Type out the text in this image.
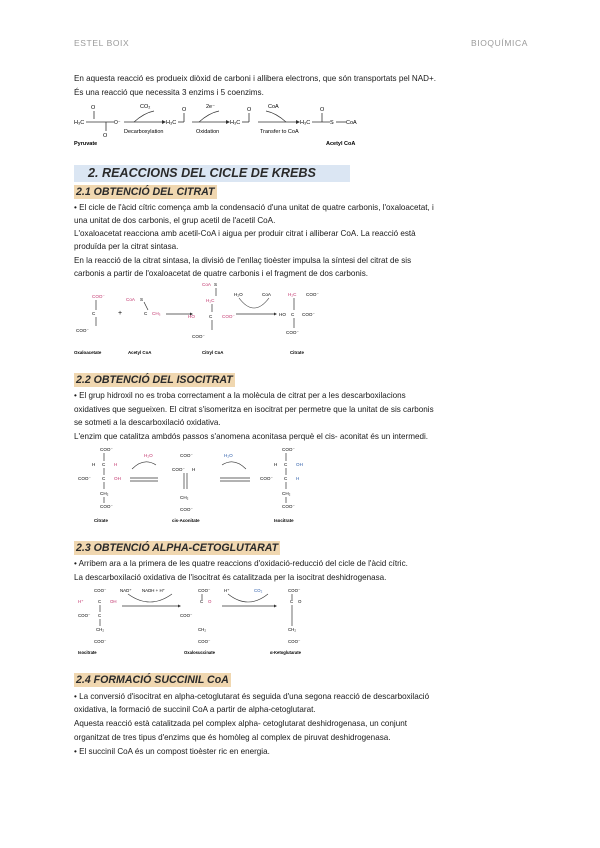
ESTEL BOIX	BIOQUÍMICA
En aquesta reacció es produeix diòxid de carboni i allibera electrons, que són transportats pel NAD+.
És una reacció que necessita 3 enzims i 5 coenzims.
O
H₃C
O
O⁻
Pyruvate
CO₂
Decarboxylation
H₃C
O	2e⁻
Oxidation
H₃C
O	CoA
Transfer to CoA
H₃C
O
S CoA
Acetyl CoA
2. REACCIONS DEL CICLE DE KREBS
2.1 OBTENCIÓ DEL CITRAT
• El cicle de l'àcid cítric comença amb la condensació d'una unitat de quatre carbonis, l'oxaloacetat, i
una unitat de dos carbonis, el grup acetil de l'acetil CoA.
L'oxaloacetat reacciona amb acetil-CoA i aigua per produir citrat i alliberar CoA. La reacció està
produïda per la citrat sintasa.
En la reacció de la citrat sintasa, la divisió de l'enllaç tioèster impulsa la síntesi del citrat de sis
carbonis a partir de l'oxaloacetat de quatre carbonis i el fragment de dos carbonis.
COO⁻
C
COO⁻
Oxaloacetate
+
CoA S
C CH₃
Acetyl CoA
CoA S
H₂C
HO	C COO⁻
COO⁻
Citryl CoA
H₂O	CoA	H₂C COO⁻
HO C COO⁻
COO⁻
Citrate
2.2 OBTENCIÓ DEL ISOCITRAT
• El grup hidroxil no es troba correctament a la molècula de citrat per a les descarboxilacions
oxidatives que segueixen. El citrat s'isomeritza en isocitrat per permetre que la unitat de sis carbonis
se sotmeti a la descarboxilació oxidativa.
L'enzim que catalitza ambdós passos s'anomena aconitasa perquè el cis- aconitat és un intermedi.
COO⁻
H C H
COO⁻ C OH
CH₂
COO⁻
Citrate
H₂O	COO⁻
COO⁻ H
CH₂
COO⁻
cis-Aconitate
H₂O
COO⁻
H C OH
COO⁻ C H
CH₂
COO⁻
Isocitrate
2.3 OBTENCIÓ ALPHA-CETOGLUTARAT
• Arribem ara a la primera de les quatre reaccions d'oxidació-reducció del cicle de l'àcid cítric.
La descarboxilació oxidativa de l'isocitrat és catalitzada per la isocitrat deshidrogenasa.
COO⁻
H⁺	C OH
COO⁻ C
CH₂
COO⁻
Isocitrate
NAD⁺ NADH + H⁺	COO⁻
C O
COO⁻
CH₂
COO⁻
Oxalosuccinate
H⁺	CO₂	COO⁻
C O
CH₂
COO⁻
α-Ketoglutarate
2.4 FORMACIÓ SUCCINIL CoA
• La conversió d'isocitrat en alpha-cetoglutarat és seguida d'una segona reacció de descarboxilació
oxidativa, la formació de succinil CoA a partir de alpha-cetoglutarat.
Aquesta reacció està catalitzada pel complex alpha- cetoglutarat deshidrogenasa, un conjunt
organitzat de tres tipus d'enzims que és homòleg al complex de piruvat deshidrogenasa.
• El succinil CoA és un compost tioèster ric en energia.
